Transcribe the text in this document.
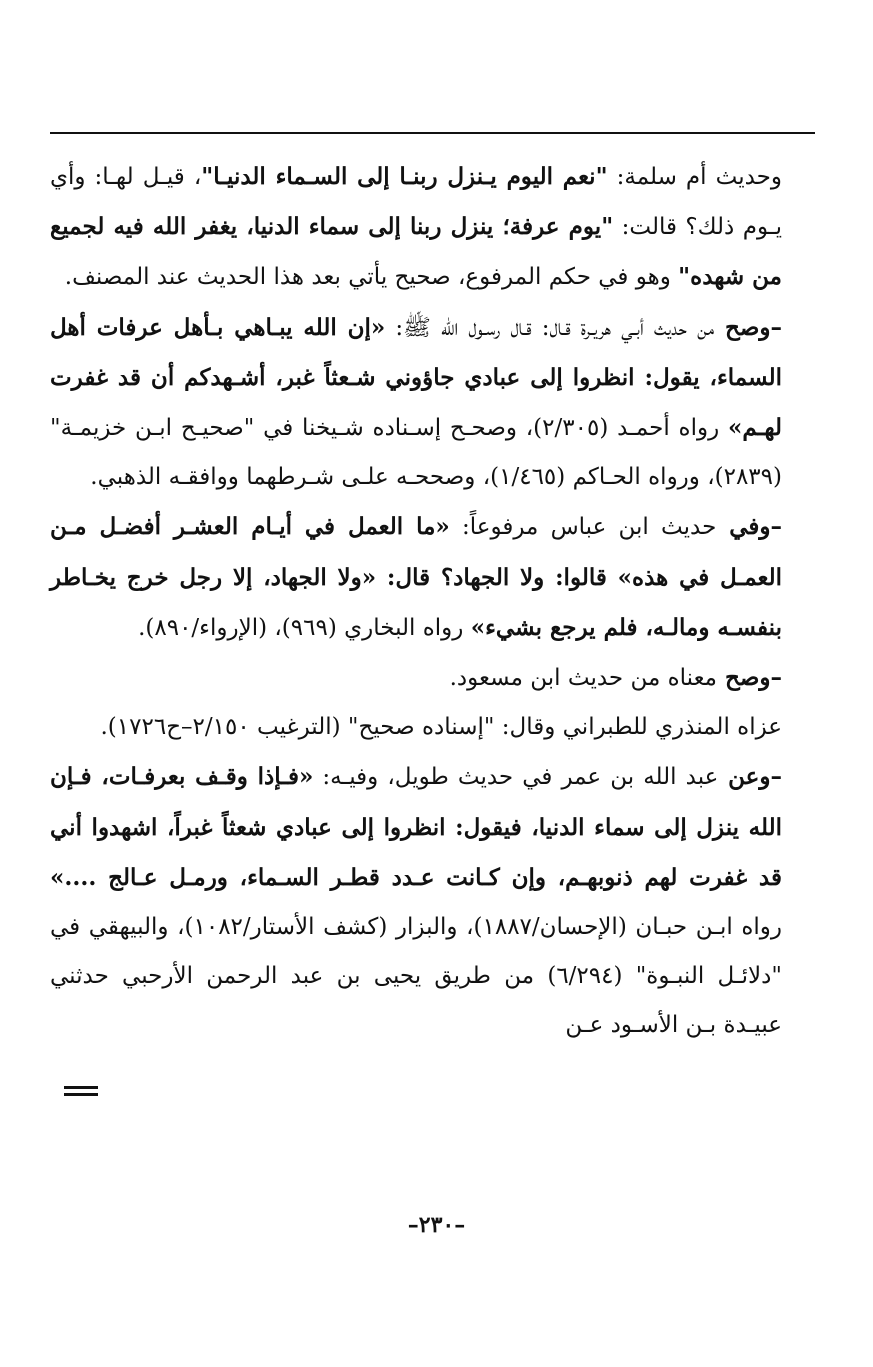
وحديث أم سلمة: "نعم اليوم يـنزل ربنـا إلى السـماء الدنيـا"، قيـل لهـا: وأي يـوم ذلك؟ قالت: "يوم عرفة؛ ينزل ربنا إلى سماء الدنيا، يغفر الله فيه لجميع من شهده" وهو في حكم المرفوع، صحيح يأتي بعد هذا الحديث عند المصنف.

–وصح من حديث أبـي هريـرة قـال: قـال رسـول الله ﷺ: «إن الله يبـاهي بـأهل عرفات أهل السماء، يقول: انظروا إلى عبادي جاؤوني شـعثاً غبر، أشـهدكم أن قد غفرت لهـم» رواه أحمـد (٢/٣٠٥)، وصحـح إسـناده شـيخنا في "صحيـح ابـن خزيمـة" (٢٨٣٩)، ورواه الحـاكم (١/٤٦٥)، وصححـه علـى شـرطهما ووافقـه الذهبي.

–وفي حديث ابن عباس مرفوعاً: «ما العمل في أيـام العشـر أفضـل مـن العمـل في هذه» قالوا: ولا الجهاد؟ قال: «ولا الجهاد، إلا رجل خرج يخـاطر بنفسـه ومالـه، فلم يرجع بشيء» رواه البخاري (٩٦٩)، (الإرواء/٨٩٠).

–وصح معناه من حديث ابن مسعود.

عزاه المنذري للطبراني وقال: "إسناده صحيح" (الترغيب ٢/١٥٠–ح١٧٢٦).

–وعن عبد الله بن عمر في حديث طويل، وفيـه: «فـإذا وقـف بعرفـات، فـإن الله ينزل إلى سماء الدنيا، فيقول: انظروا إلى عبادي شعثاً غبراً، اشهدوا أني قد غفرت لهم ذنوبهـم، وإن كـانت عـدد قطـر السـماء، ورمـل عـالج ....» رواه ابـن حبـان (الإحسان/١٨٨٧)، والبزار (كشف الأستار/١٠٨٢)، والبيهقي في "دلائـل النبـوة" (٦/٢٩٤) من طريق يحيى بن عبد الرحمن الأرحبي حدثني عبيـدة بـن الأسـود عـن

–٢٣٠–
